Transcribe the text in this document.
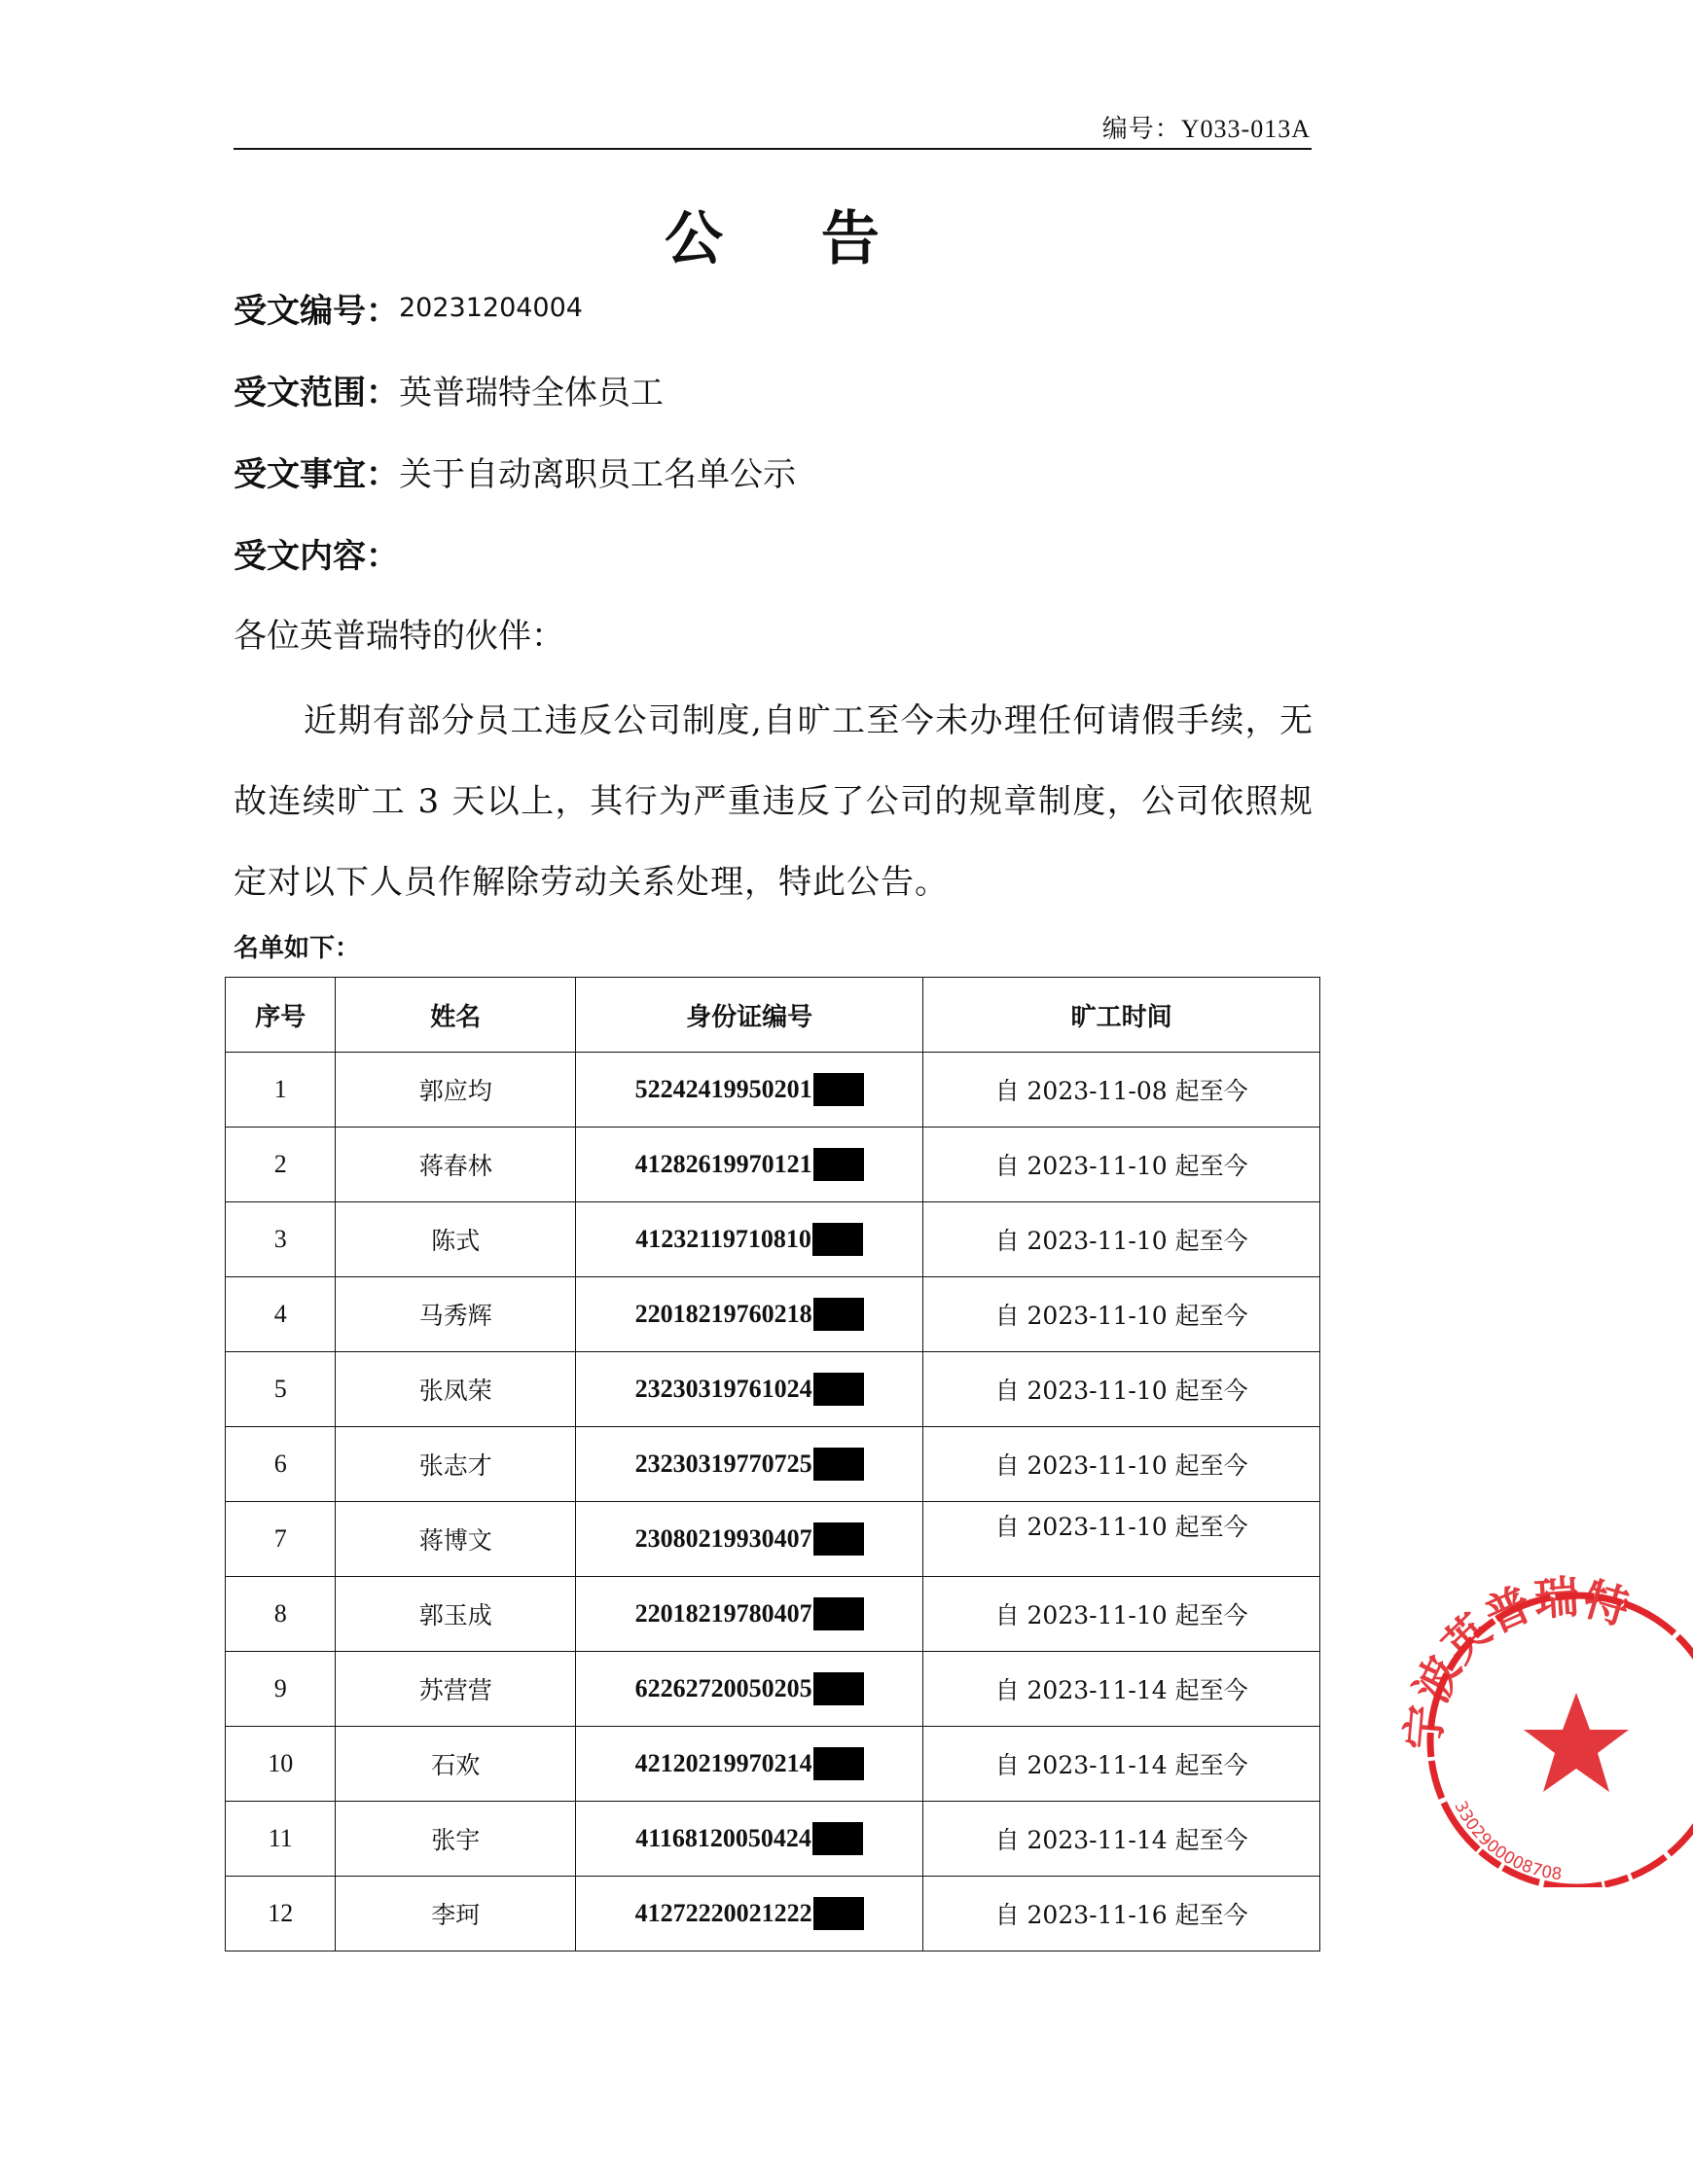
编号：Y033-013A
公 告
受文编号：20231204004
受文范围：英普瑞特全体员工
受文事宜：关于自动离职员工名单公示
受文内容：
各位英普瑞特的伙伴：
近期有部分员工违反公司制度,自旷工至今未办理任何请假手续，无故连续旷工 3 天以上，其行为严重违反了公司的规章制度，公司依照规定对以下人员作解除劳动关系处理，特此公告。
名单如下：
序号	姓名	身份证编号	旷工时间
1	郭应均	52242419950201	自 2023-11-08 起至今
2	蒋春林	41282619970121	自 2023-11-10 起至今
3	陈式	41232119710810	自 2023-11-10 起至今
4	马秀辉	22018219760218	自 2023-11-10 起至今
5	张凤荣	23230319761024	自 2023-11-10 起至今
6	张志才	23230319770725	自 2023-11-10 起至今
7	蒋博文	23080219930407	自 2023-11-10 起至今
8	郭玉成	22018219780407	自 2023-11-10 起至今
9	苏营营	62262720050205	自 2023-11-14 起至今
10	石欢	42120219970214	自 2023-11-14 起至今
11	张宇	41168120050424	自 2023-11-14 起至今
12	李珂	41272220021222	自 2023-11-16 起至今
宁波英普瑞特
3302900008708
